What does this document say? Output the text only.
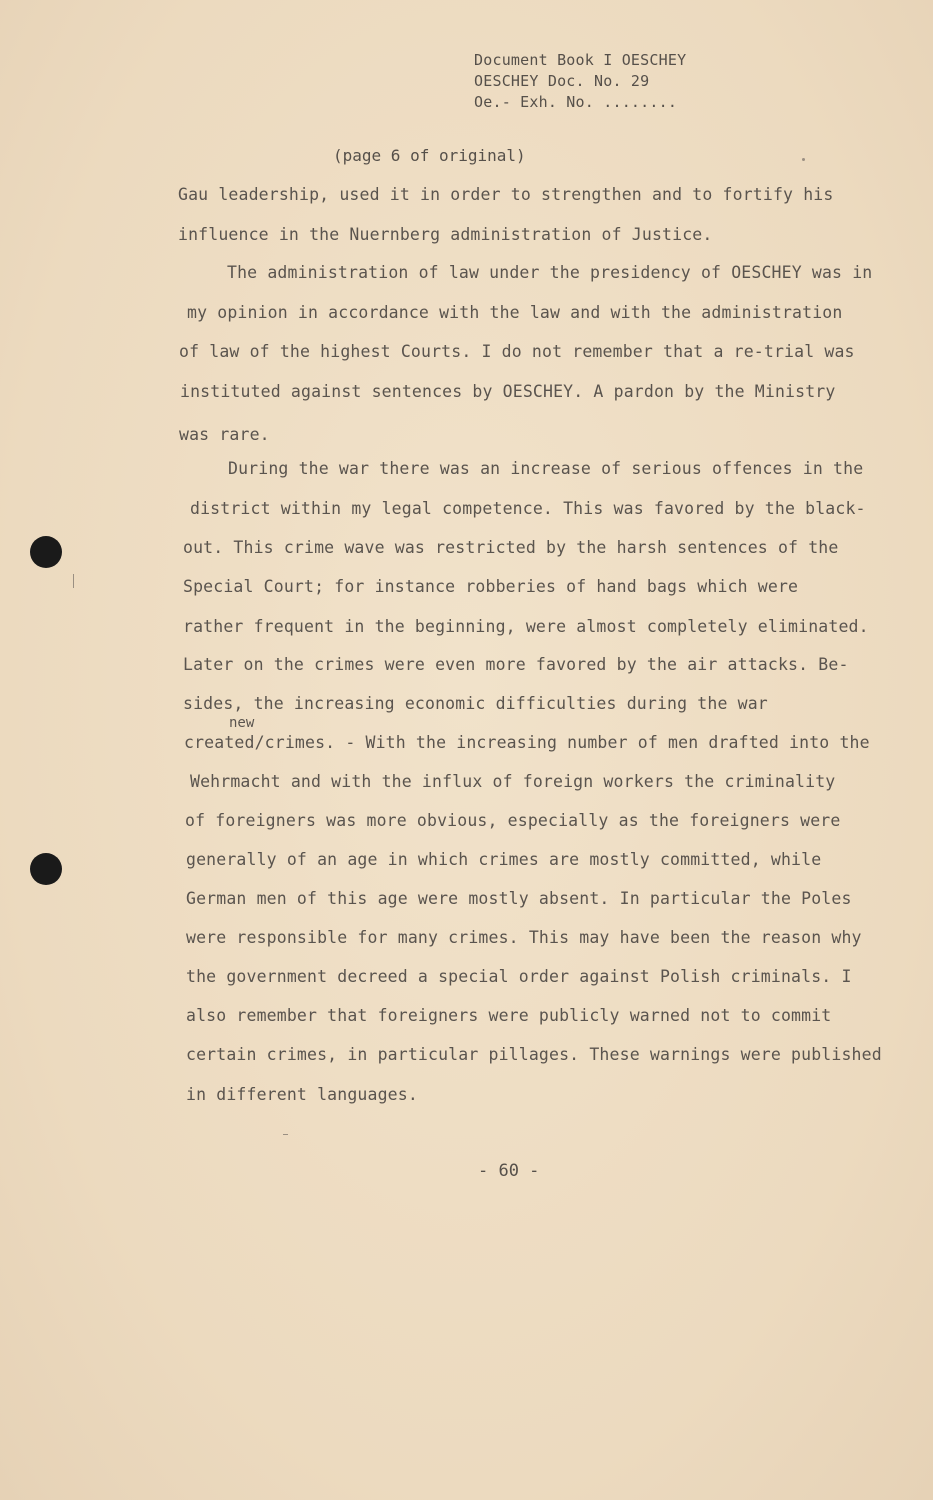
Document Book I OESCHEY
OESCHEY Doc. No. 29
Oe.- Exh. No. ........
(page 6 of original)
Gau leadership, used it in order to strengthen and to fortify his
influence in the Nuernberg administration of Justice.
The administration of law under the presidency of OESCHEY was in
my opinion in accordance with the law and with the administration
of law of the highest Courts. I do not remember that a re-trial was
instituted against sentences by OESCHEY. A pardon by the Ministry
was rare.
During the war there was an increase of serious offences in the
district within my legal competence. This was favored by the black-
out. This crime wave was restricted by the harsh sentences of the
Special Court; for instance robberies of hand bags which were
rather frequent in the beginning, were almost completely eliminated.
Later on the crimes were even more favored by the air attacks. Be-
sides, the increasing economic difficulties during the war
new
created/crimes. - With the increasing number of men drafted into the
Wehrmacht and with the influx of foreign workers the criminality
of foreigners was more obvious, especially as the foreigners were
generally of an age in which crimes are mostly committed, while
German men of this age were mostly absent. In particular the Poles
were responsible for many crimes. This may have been the reason why
the government decreed a special order against Polish criminals. I
also remember that foreigners were publicly warned not to commit
certain crimes, in particular pillages. These warnings were published
in different languages.
- 60 -
